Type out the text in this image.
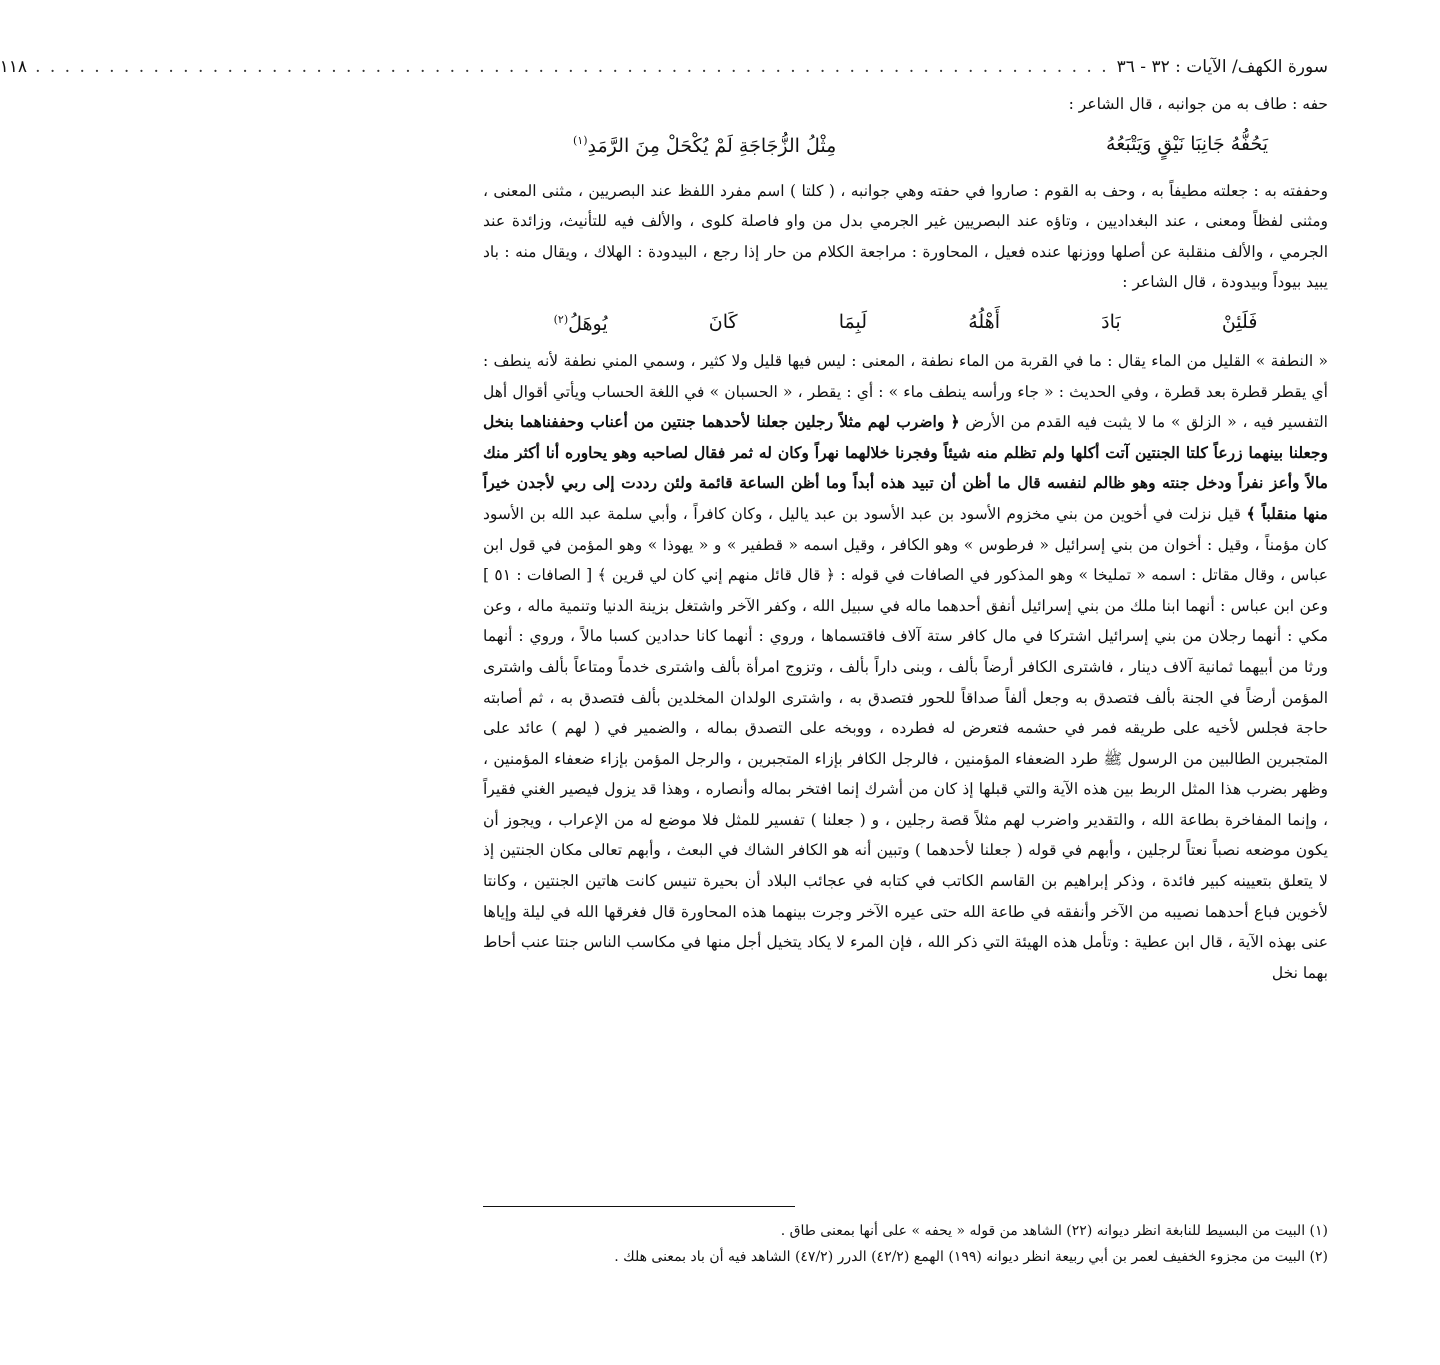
سورة الكهف/ الآيات : ٣٢ - ٣٦
. . . . . . . . . . . . . . . . . . . . . . . . . . . . . . . . . . . . . . . . . . . . . . . . . . . . . . . . . . . . . . . . . . . . . . . . .
١١٨

حفه : طاف به من جوانبه ، قال الشاعر :

يَحُفُّهُ جَانِبَا نَيْقٍ وَيَتْبَعُهُ
مِثْلُ الزُّجَاجَةِ لَمْ يُكْحَلْ مِنَ الرَّمَدِ(١)

وحففته به : جعلته مطيفاً به ، وحف به القوم : صاروا في حفته وهي جوانبه ، ( كلتا ) اسم مفرد اللفظ عند البصريين ، مثنى المعنى ، ومثنى لفظاً ومعنى ، عند البغداديين ، وتاؤه عند البصريين غير الجرمي بدل من واو فاصلة كلوى ، والألف فيه للتأنيث، وزائدة عند الجرمي ، والألف منقلبة عن أصلها ووزنها عنده فعيل ، المحاورة : مراجعة الكلام من حار إذا رجع ، البيدودة : الهلاك ، ويقال منه : باد يبيد بيوداً وبيدودة ، قال الشاعر :

فَلَئِنْ
بَادَ
أَهْلُهُ
لَبِمَا
كَانَ
يُوهَلُ(٢)

« النطفة » القليل من الماء يقال : ما في القربة من الماء نطفة ، المعنى : ليس فيها قليل ولا كثير ، وسمي المني نطفة لأنه ينطف : أي يقطر قطرة بعد قطرة ، وفي الحديث : « جاء ورأسه ينطف ماء » : أي : يقطر ، « الحسبان » في اللغة الحساب ويأتي أقوال أهل التفسير فيه ، « الزلق » ما لا يثبت فيه القدم من الأرض ﴿ واضرب لهم مثلاً رجلين جعلنا لأحدهما جنتين من أعناب وحففناهما بنخل وجعلنا بينهما زرعاً كلتا الجنتين آتت أكلها ولم تظلم منه شيئاً وفجرنا خلالهما نهراً وكان له ثمر فقال لصاحبه وهو يحاوره أنا أكثر منك مالاً وأعز نفراً ودخل جنته وهو ظالم لنفسه قال ما أظن أن تبيد هذه أبداً وما أظن الساعة قائمة ولئن رددت إلى ربي لأجدن خيراً منها منقلباً ﴾ قيل نزلت في أخوين من بني مخزوم الأسود بن عبد الأسود بن عبد ياليل ، وكان كافراً ، وأبي سلمة عبد الله بن الأسود كان مؤمناً ، وقيل : أخوان من بني إسرائيل « فرطوس » وهو الكافر ، وقيل اسمه « قطفير » و « يهوذا » وهو المؤمن في قول ابن عباس ، وقال مقاتل : اسمه « تمليخا » وهو المذكور في الصافات في قوله : ﴿ قال قائل منهم إني كان لي قرين ﴾ [ الصافات : ٥١ ] وعن ابن عباس : أنهما ابنا ملك من بني إسرائيل أنفق أحدهما ماله في سبيل الله ، وكفر الآخر واشتغل بزينة الدنيا وتنمية ماله ، وعن مكي : أنهما رجلان من بني إسرائيل اشتركا في مال كافر ستة آلاف فاقتسماها ، وروي : أنهما كانا حدادين كسبا مالاً ، وروي : أنهما ورثا من أبيهما ثمانية آلاف دينار ، فاشترى الكافر أرضاً بألف ، وبنى داراً بألف ، وتزوج امرأة بألف واشترى خدماً ومتاعاً بألف واشترى المؤمن أرضاً في الجنة بألف فتصدق به وجعل ألفاً صداقاً للحور فتصدق به ، واشترى الولدان المخلدين بألف فتصدق به ، ثم أصابته حاجة فجلس لأخيه على طريقه فمر في حشمه فتعرض له فطرده ، ووبخه على التصدق بماله ، والضمير في ( لهم ) عائد على المتجبرين الطالبين من الرسول ﷺ طرد الضعفاء المؤمنين ، فالرجل الكافر بإزاء المتجبرين ، والرجل المؤمن بإزاء ضعفاء المؤمنين ، وظهر بضرب هذا المثل الربط بين هذه الآية والتي قبلها إذ كان من أشرك إنما افتخر بماله وأنصاره ، وهذا قد يزول فيصير الغني فقيراً ، وإنما المفاخرة بطاعة الله ، والتقدير واضرب لهم مثلاً قصة رجلين ، و ( جعلنا ) تفسير للمثل فلا موضع له من الإعراب ، ويجوز أن يكون موضعه نصباً نعتاً لرجلين ، وأبهم في قوله ( جعلنا لأحدهما ) وتبين أنه هو الكافر الشاك في البعث ، وأبهم تعالى مكان الجنتين إذ لا يتعلق بتعيينه كبير فائدة ، وذكر إبراهيم بن القاسم الكاتب في كتابه في عجائب البلاد أن بحيرة تنيس كانت هاتين الجنتين ، وكانتا لأخوين فباع أحدهما نصيبه من الآخر وأنفقه في طاعة الله حتى عيره الآخر وجرت بينهما هذه المحاورة قال فغرقها الله في ليلة وإياها عنى بهذه الآية ، قال ابن عطية : وتأمل هذه الهيئة التي ذكر الله ، فإن المرء لا يكاد يتخيل أجل منها في مكاسب الناس جنتا عنب أحاط بهما نخل

(١) البيت من البسيط للنابغة انظر ديوانه (٢٢) الشاهد من قوله « يحفه » على أنها بمعنى طاق .

(٢) البيت من مجزوء الخفيف لعمر بن أبي ربيعة انظر ديوانه (١٩٩) الهمع (٤٢/٢) الدرر (٤٧/٢) الشاهد فيه أن باد بمعنى هلك .
